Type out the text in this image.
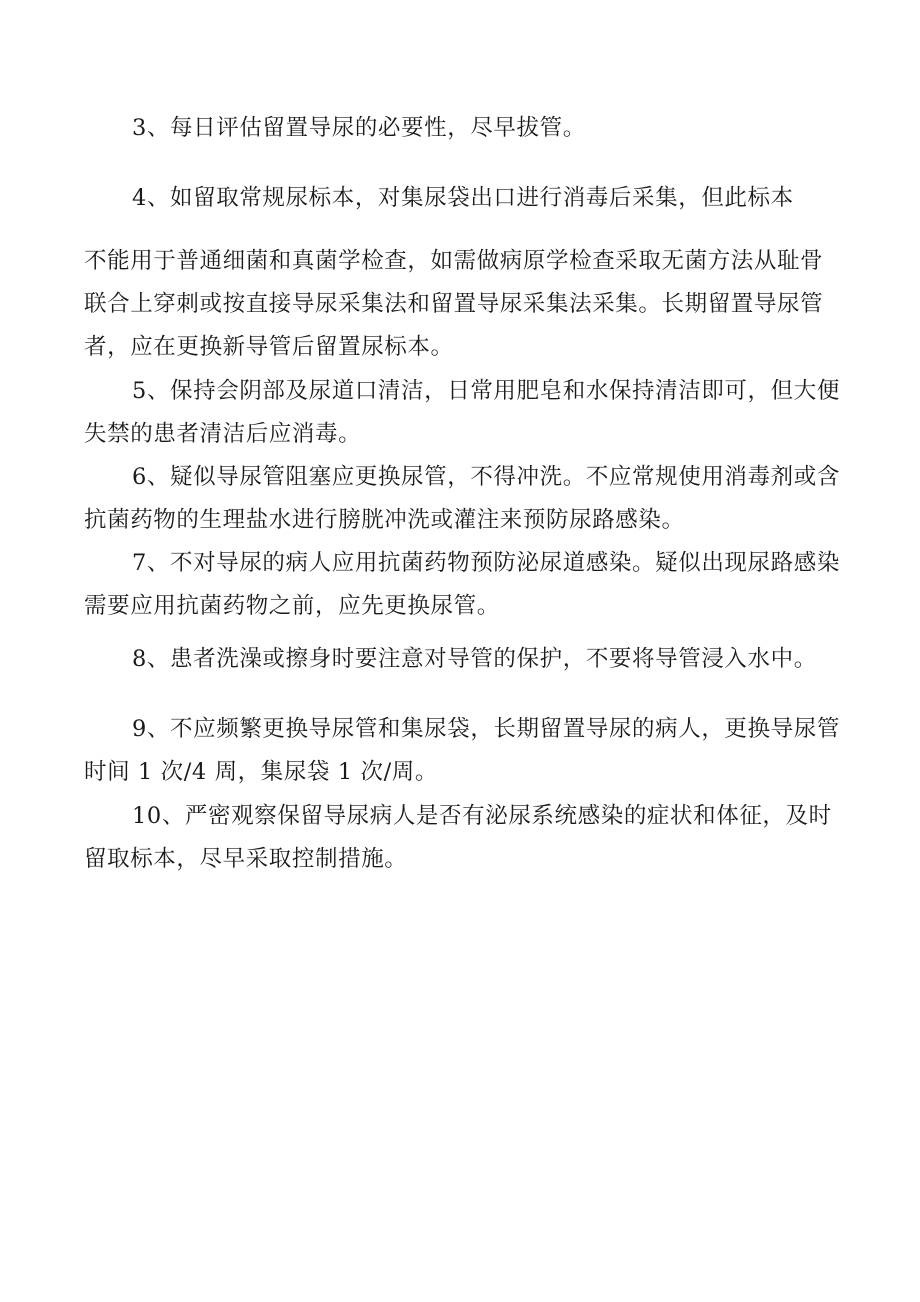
3、每日评估留置导尿的必要性，尽早拔管。

4、如留取常规尿标本，对集尿袋出口进行消毒后采集，但此标本

不能用于普通细菌和真菌学检查，如需做病原学检查采取无菌方法从耻骨联合上穿刺或按直接导尿采集法和留置导尿采集法采集。长期留置导尿管者，应在更换新导管后留置尿标本。

5、保持会阴部及尿道口清洁，日常用肥皂和水保持清洁即可，但大便失禁的患者清洁后应消毒。

6、疑似导尿管阻塞应更换尿管，不得冲洗。不应常规使用消毒剂或含抗菌药物的生理盐水进行膀胱冲洗或灌注来预防尿路感染。

7、不对导尿的病人应用抗菌药物预防泌尿道感染。疑似出现尿路感染需要应用抗菌药物之前，应先更换尿管。

8、患者洗澡或擦身时要注意对导管的保护，不要将导管浸入水中。

9、不应频繁更换导尿管和集尿袋，长期留置导尿的病人，更换导尿管时间 1 次/4 周，集尿袋 1 次/周。

10、严密观察保留导尿病人是否有泌尿系统感染的症状和体征，及时留取标本，尽早采取控制措施。
